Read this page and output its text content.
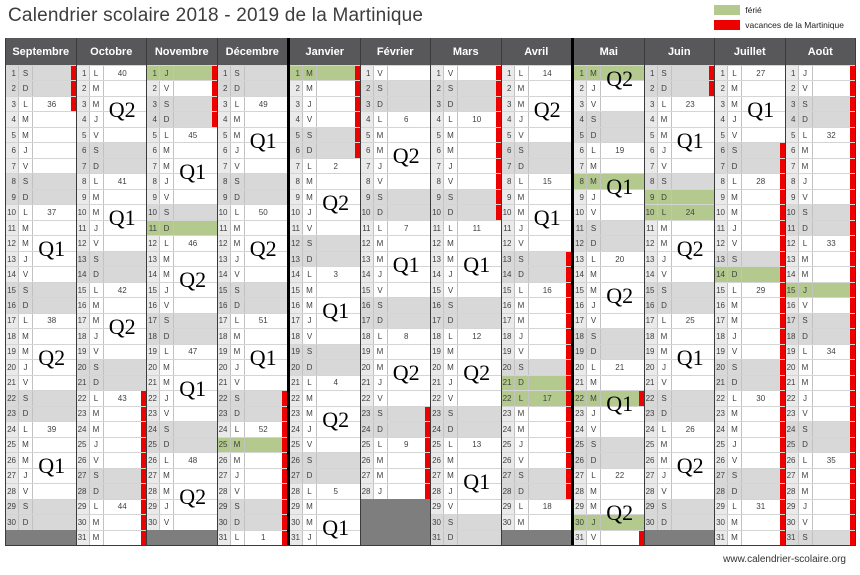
Calendrier scolaire 2018 - 2019 de la Martinique	férié
vacances de la Martinique
Septembre
1 S
2 D
3 L	36
4 M
5 M
6 J
7 V
8 S
9 D
10 L	37
11 M
12 M
13 J
14 V
15 S
16 D
17 L	38
18 M
19 M
20 J
21 V
22 S
23 D
24 L	39
25 M
26 M
27 J
28 V
29 S
30 D
Q1
Q2
Q1
Octobre
1 L	40
2 M
3 M
4 J
5 V
6 S
7 D
8 L	41
9 M
10 M
11 J
12 V
13 S
14 D
15 L	42
16 M
17 M
18 J
19 V
20 S
21 D
22 L	43
23 M
24 M
25 J
26 V
27 S
28 D
29 L	44
30 M
31 M
Q2
Q1
Q2
Novembre
1 J
2 V
3 S
4 D
5 L	45
6 M
7 M
8 J
9 V
10 S
11 D
12 L	46
13 M
14 M
15 J
16 V
17 S
18 D
19 L	47
20 M
21 M
22 J
23 V
24 S
25 D
26 L	48
27 M
28 M
29 J
30 V
Q1
Q2
Q1
Q2
Décembre
1 S
2 D
3 L	49
4 M
5 M
6 J
7 V
8 S
9 D
10 L	50
11 M
12 M
13 J
14 V
15 S
16 D
17 L	51
18 M
19 M
20 J
21 V
22 S
23 D
24 L	52
25 M
26 M
27 J
28 V
29 S
30 D
31 L	1
Q1
Q2
Q1
Janvier
1 M
2 M
3 J
4 V
5 S
6 D
7 L	2
8 M
9 M
10 J
11 V
12 S
13 D
14 L	3
15 M
16 M
17 J
18 V
19 S
20 D
21 L	4
22 M
23 M
24 J
25 V
26 S
27 D
28 L	5
29 M
30 M
31 J
Q2
Q1
Q2
Q1
Février
1 V
2 S
3 D
4 L	6
5 M
6 M
7 J
8 V
9 S
10 D
11 L	7
12 M
13 M
14 J
15 V
16 S
17 D
18 L	8
19 M
20 M
21 J
22 V
23 S
24 D
25 L	9
26 M
27 M
28 J
Q2
Q1
Q2
Mars
1 V
2 S
3 D
4 L	10
5 M
6 M
7 J
8 V
9 S
10 D
11 L	11
12 M
13 M
14 J
15 V
16 S
17 D
18 L	12
19 M
20 M
21 J
22 V
23 S
24 D
25 L	13
26 M
27 M
28 J
29 V
30 S
31 D
Q1
Q2
Q1
Avril
1 L	14
2 M
3 M
4 J
5 V
6 S
7 D
8 L	15
9 M
10 M
11 J
12 V
13 S
14 D
15 L	16
16 M
17 M
18 J
19 V
20 S
21 D
22 L	17
23 M
24 M
25 J
26 V
27 S
28 D
29 L	18
30 M
Q2
Q1
Mai
1 M
2 J
3 V
4 S
5 D
6 L	19
7 M
8 M
9 J
10 V
11 S
12 D
13 L	20
14 M
15 M
16 J
17 V
18 S
19 D
20 L	21
21 M
22 M
23 J
24 V
25 S
26 D
27 L	22
28 M
29 M
30 J
31 V
Q2
Q1
Q2
Q1
Q2
Juin
1 S
2 D
3 L	23
4 M
5 M
6 J
7 V
8 S
9 D
10 L	24
11 M
12 M
13 J
14 V
15 S
16 D
17 L	25
18 M
19 M
20 J
21 V
22 S
23 D
24 L	26
25 M
26 M
27 J
28 V
29 S
30 D
Q1
Q2
Q1
Q2
Juillet
1 L	27
2 M
3 M
4 J
5 V
6 S
7 D
8 L	28
9 M
10 M
11 J
12 V
13 S
14 D
15 L	29
16 M
17 M
18 J
19 V
20 S
21 D
22 L	30
23 M
24 M
25 J
26 V
27 S
28 D
29 L	31
30 M
31 M
Q1
Août
1 J
2 V
3 S
4 D
5 L	32
6 M
7 M
8 J
9 V
10 S
11 D
12 L	33
13 M
14 M
15 J
16 V
17 S
18 D
19 L	34
20 M
21 M
22 J
23 V
24 S
25 D
26 L	35
27 M
28 M
29 J
30 V
31 S
www.calendrier-scolaire.org
